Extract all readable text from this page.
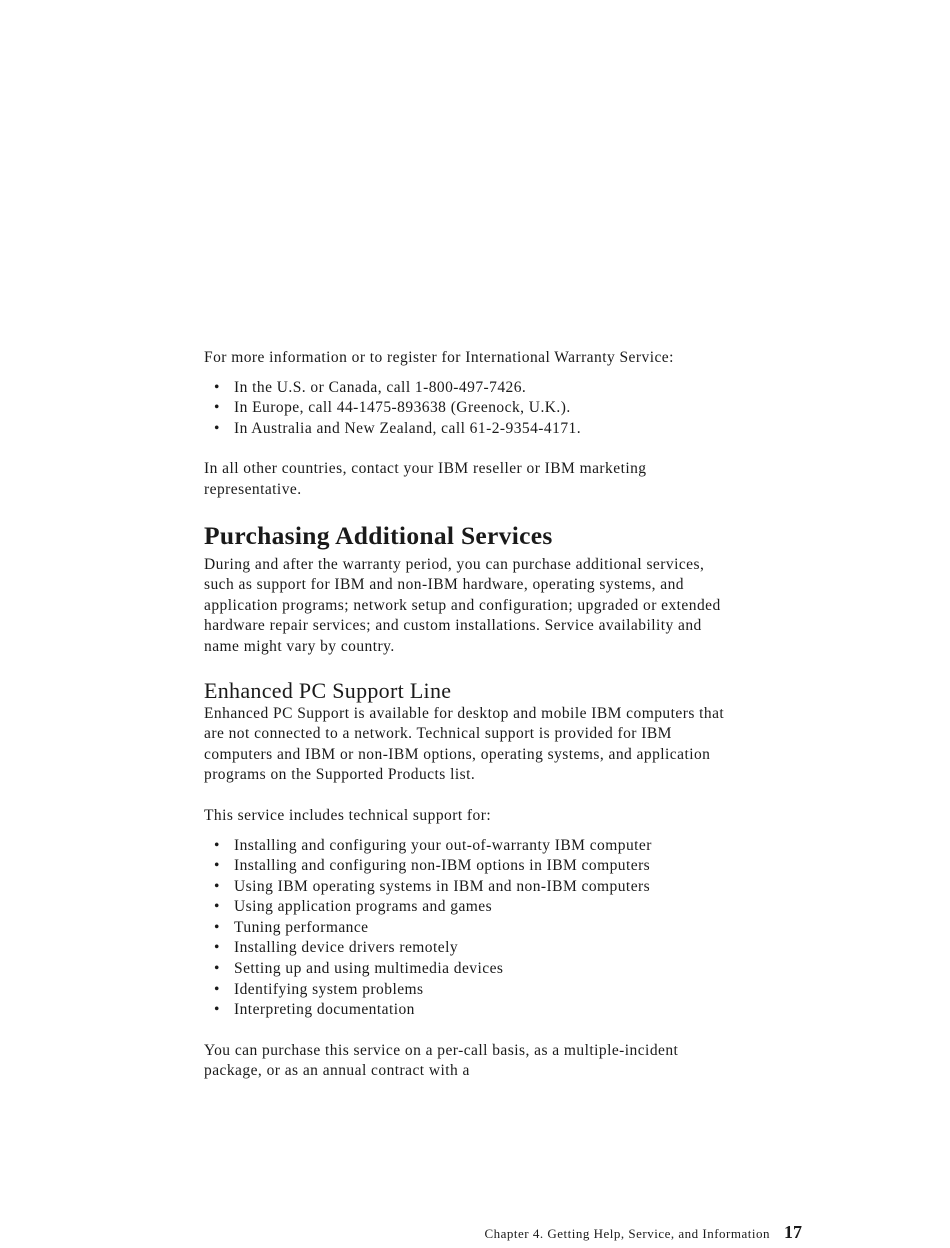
For more information or to register for International Warranty Service:

• In the U.S. or Canada, call 1-800-497-7426.
• In Europe, call 44-1475-893638 (Greenock, U.K.).
• In Australia and New Zealand, call 61-2-9354-4171.

In all other countries, contact your IBM reseller or IBM marketing representative.

Purchasing Additional Services

During and after the warranty period, you can purchase additional services, such as support for IBM and non-IBM hardware, operating systems, and application programs; network setup and configuration; upgraded or extended hardware repair services; and custom installations. Service availability and name might vary by country.

Enhanced PC Support Line

Enhanced PC Support is available for desktop and mobile IBM computers that are not connected to a network. Technical support is provided for IBM computers and IBM or non-IBM options, operating systems, and application programs on the Supported Products list.

This service includes technical support for:

• Installing and configuring your out-of-warranty IBM computer
• Installing and configuring non-IBM options in IBM computers
• Using IBM operating systems in IBM and non-IBM computers
• Using application programs and games
• Tuning performance
• Installing device drivers remotely
• Setting up and using multimedia devices
• Identifying system problems
• Interpreting documentation

You can purchase this service on a per-call basis, as a multiple-incident package, or as an annual contract with a

Chapter 4. Getting Help, Service, and Information 17
